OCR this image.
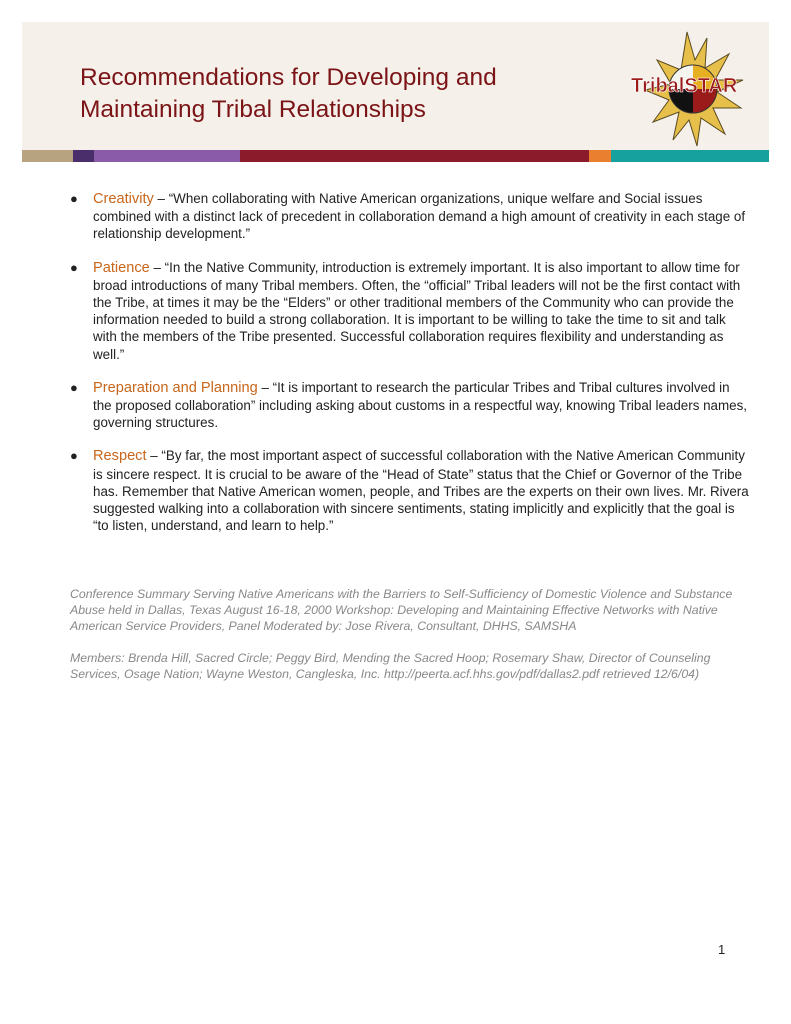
Recommendations for Developing and
Maintaining Tribal Relationships
TribalSTAR
● Creativity – “When collaborating with Native American organizations, unique welfare and Social issues combined with a distinct lack of precedent in collaboration demand a high amount of creativity in each stage of relationship development.”
● Patience – “In the Native Community, introduction is extremely important. It is also important to allow time for broad introductions of many Tribal members. Often, the “official” Tribal leaders will not be the first contact with the Tribe, at times it may be the “Elders” or other traditional members of the Community who can provide the information needed to build a strong collaboration. It is important to be willing to take the time to sit and talk with the members of the Tribe presented. Successful collaboration requires flexibility and understanding as well.”
● Preparation and Planning – “It is important to research the particular Tribes and Tribal cultures involved in the proposed collaboration” including asking about customs in a respectful way, knowing Tribal leaders names, governing structures.
● Respect – “By far, the most important aspect of successful collaboration with the Native American Community is sincere respect. It is crucial to be aware of the “Head of State” status that the Chief or Governor of the Tribe has. Remember that Native American women, people, and Tribes are the experts on their own lives. Mr. Rivera suggested walking into a collaboration with sincere sentiments, stating implicitly and explicitly that the goal is “to listen, understand, and learn to help.”

Conference Summary Serving Native Americans with the Barriers to Self-Sufficiency of Domestic Violence and Substance Abuse held in Dallas, Texas August 16-18, 2000 Workshop: Developing and Maintaining Effective Networks with Native American Service Providers, Panel Moderated by: Jose Rivera, Consultant, DHHS, SAMSHA

Members: Brenda Hill, Sacred Circle; Peggy Bird, Mending the Sacred Hoop; Rosemary Shaw, Director of Counseling Services, Osage Nation; Wayne Weston, Cangleska, Inc. http://peerta.acf.hhs.gov/pdf/dallas2.pdf retrieved 12/6/04)

1
